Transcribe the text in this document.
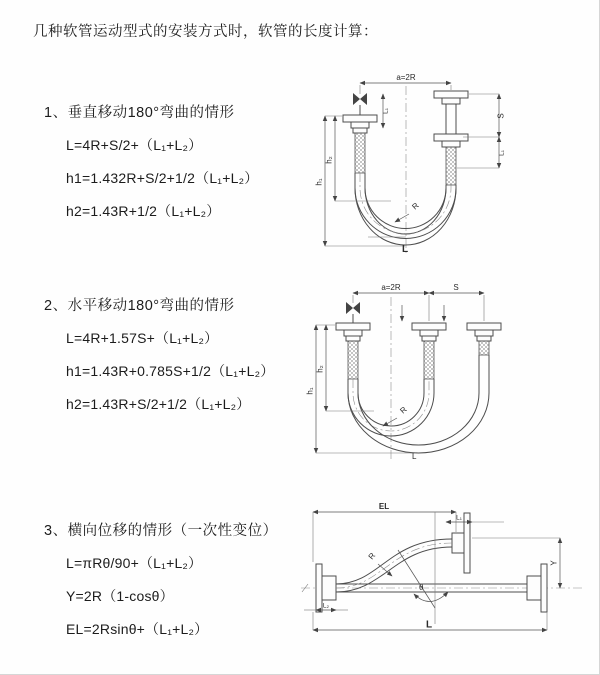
几种软管运动型式的安装方式时，软管的长度计算：
1、垂直移动180°弯曲的情形
L=4R+S/2+（L₁+L₂）
h1=1.432R+S/2+1/2（L₁+L₂）
h2=1.43R+1/2（L₁+L₂）
2、水平移动180°弯曲的情形
L=4R+1.57S+（L₁+L₂）
h1=1.43R+0.785S+1/2（L₁+L₂）
h2=1.43R+S/2+1/2（L₁+L₂）
3、横向位移的情形（一次性变位）
L=πRθ/90+（L₁+L₂）
Y=2R（1-cosθ）
EL=2Rsinθ+（L₁+L₂）
a=2R
h₁
h₂
S
L₁
L₁
R
L
a=2R	S
h₁
h₂
R
L
EL
L₁
Y
θ
R
L₂
L
